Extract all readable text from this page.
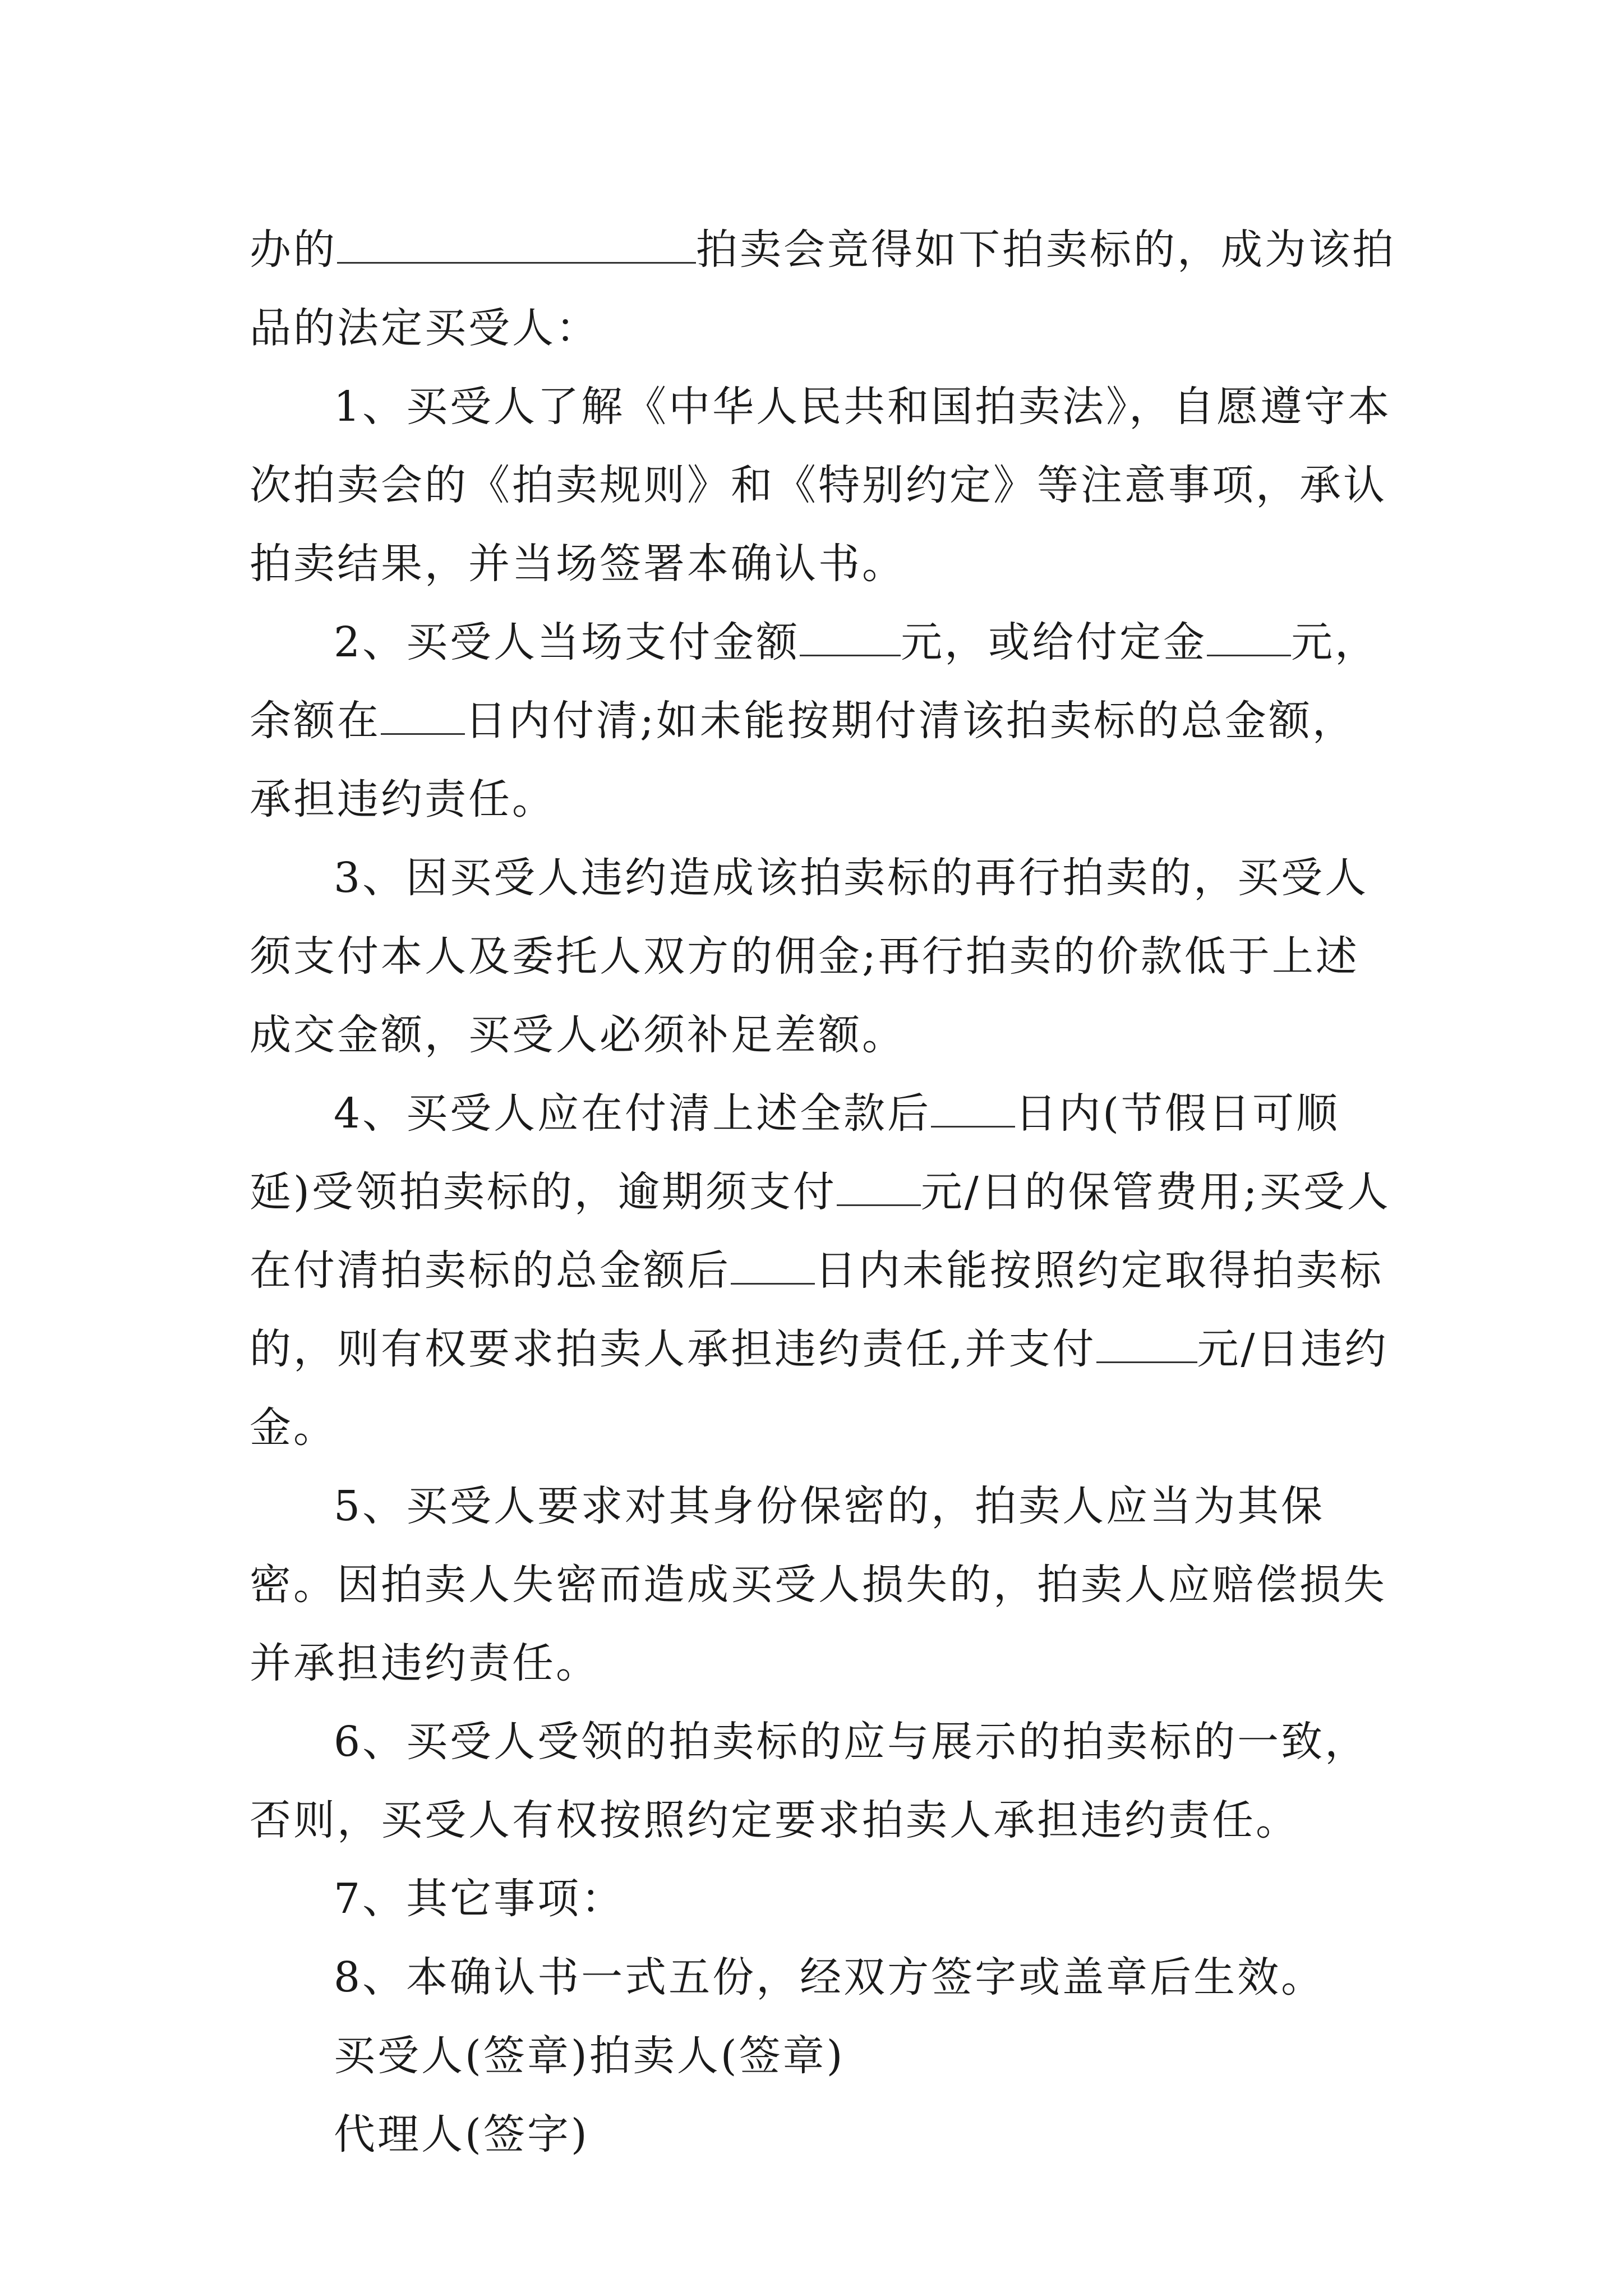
办的	拍卖会竞得如下拍卖标的，成为该拍品的法定买受人：

1、买受人了解《中华人民共和国拍卖法》，自愿遵守本次拍卖会的《拍卖规则》和《特别约定》等注意事项，承认拍卖结果，并当场签署本确认书。

2、买受人当场支付金额 元，或给付定金 元，余额在 日内付清;如未能按期付清该拍卖标的总金额，承担违约责任。

3、因买受人违约造成该拍卖标的再行拍卖的，买受人须支付本人及委托人双方的佣金;再行拍卖的价款低于上述成交金额，买受人必须补足差额。

4、买受人应在付清上述全款后 日内(节假日可顺延)受领拍卖标的，逾期须支付 元/日的保管费用;买受人在付清拍卖标的总金额后 日内未能按照约定取得拍卖标的，则有权要求拍卖人承担违约责任,并支付 元/日违约金。

5、买受人要求对其身份保密的，拍卖人应当为其保密。因拍卖人失密而造成买受人损失的，拍卖人应赔偿损失并承担违约责任。

6、买受人受领的拍卖标的应与展示的拍卖标的一致，否则，买受人有权按照约定要求拍卖人承担违约责任。

7、其它事项：

8、本确认书一式五份，经双方签字或盖章后生效。

买受人(签章)拍卖人(签章)

代理人(签字)
